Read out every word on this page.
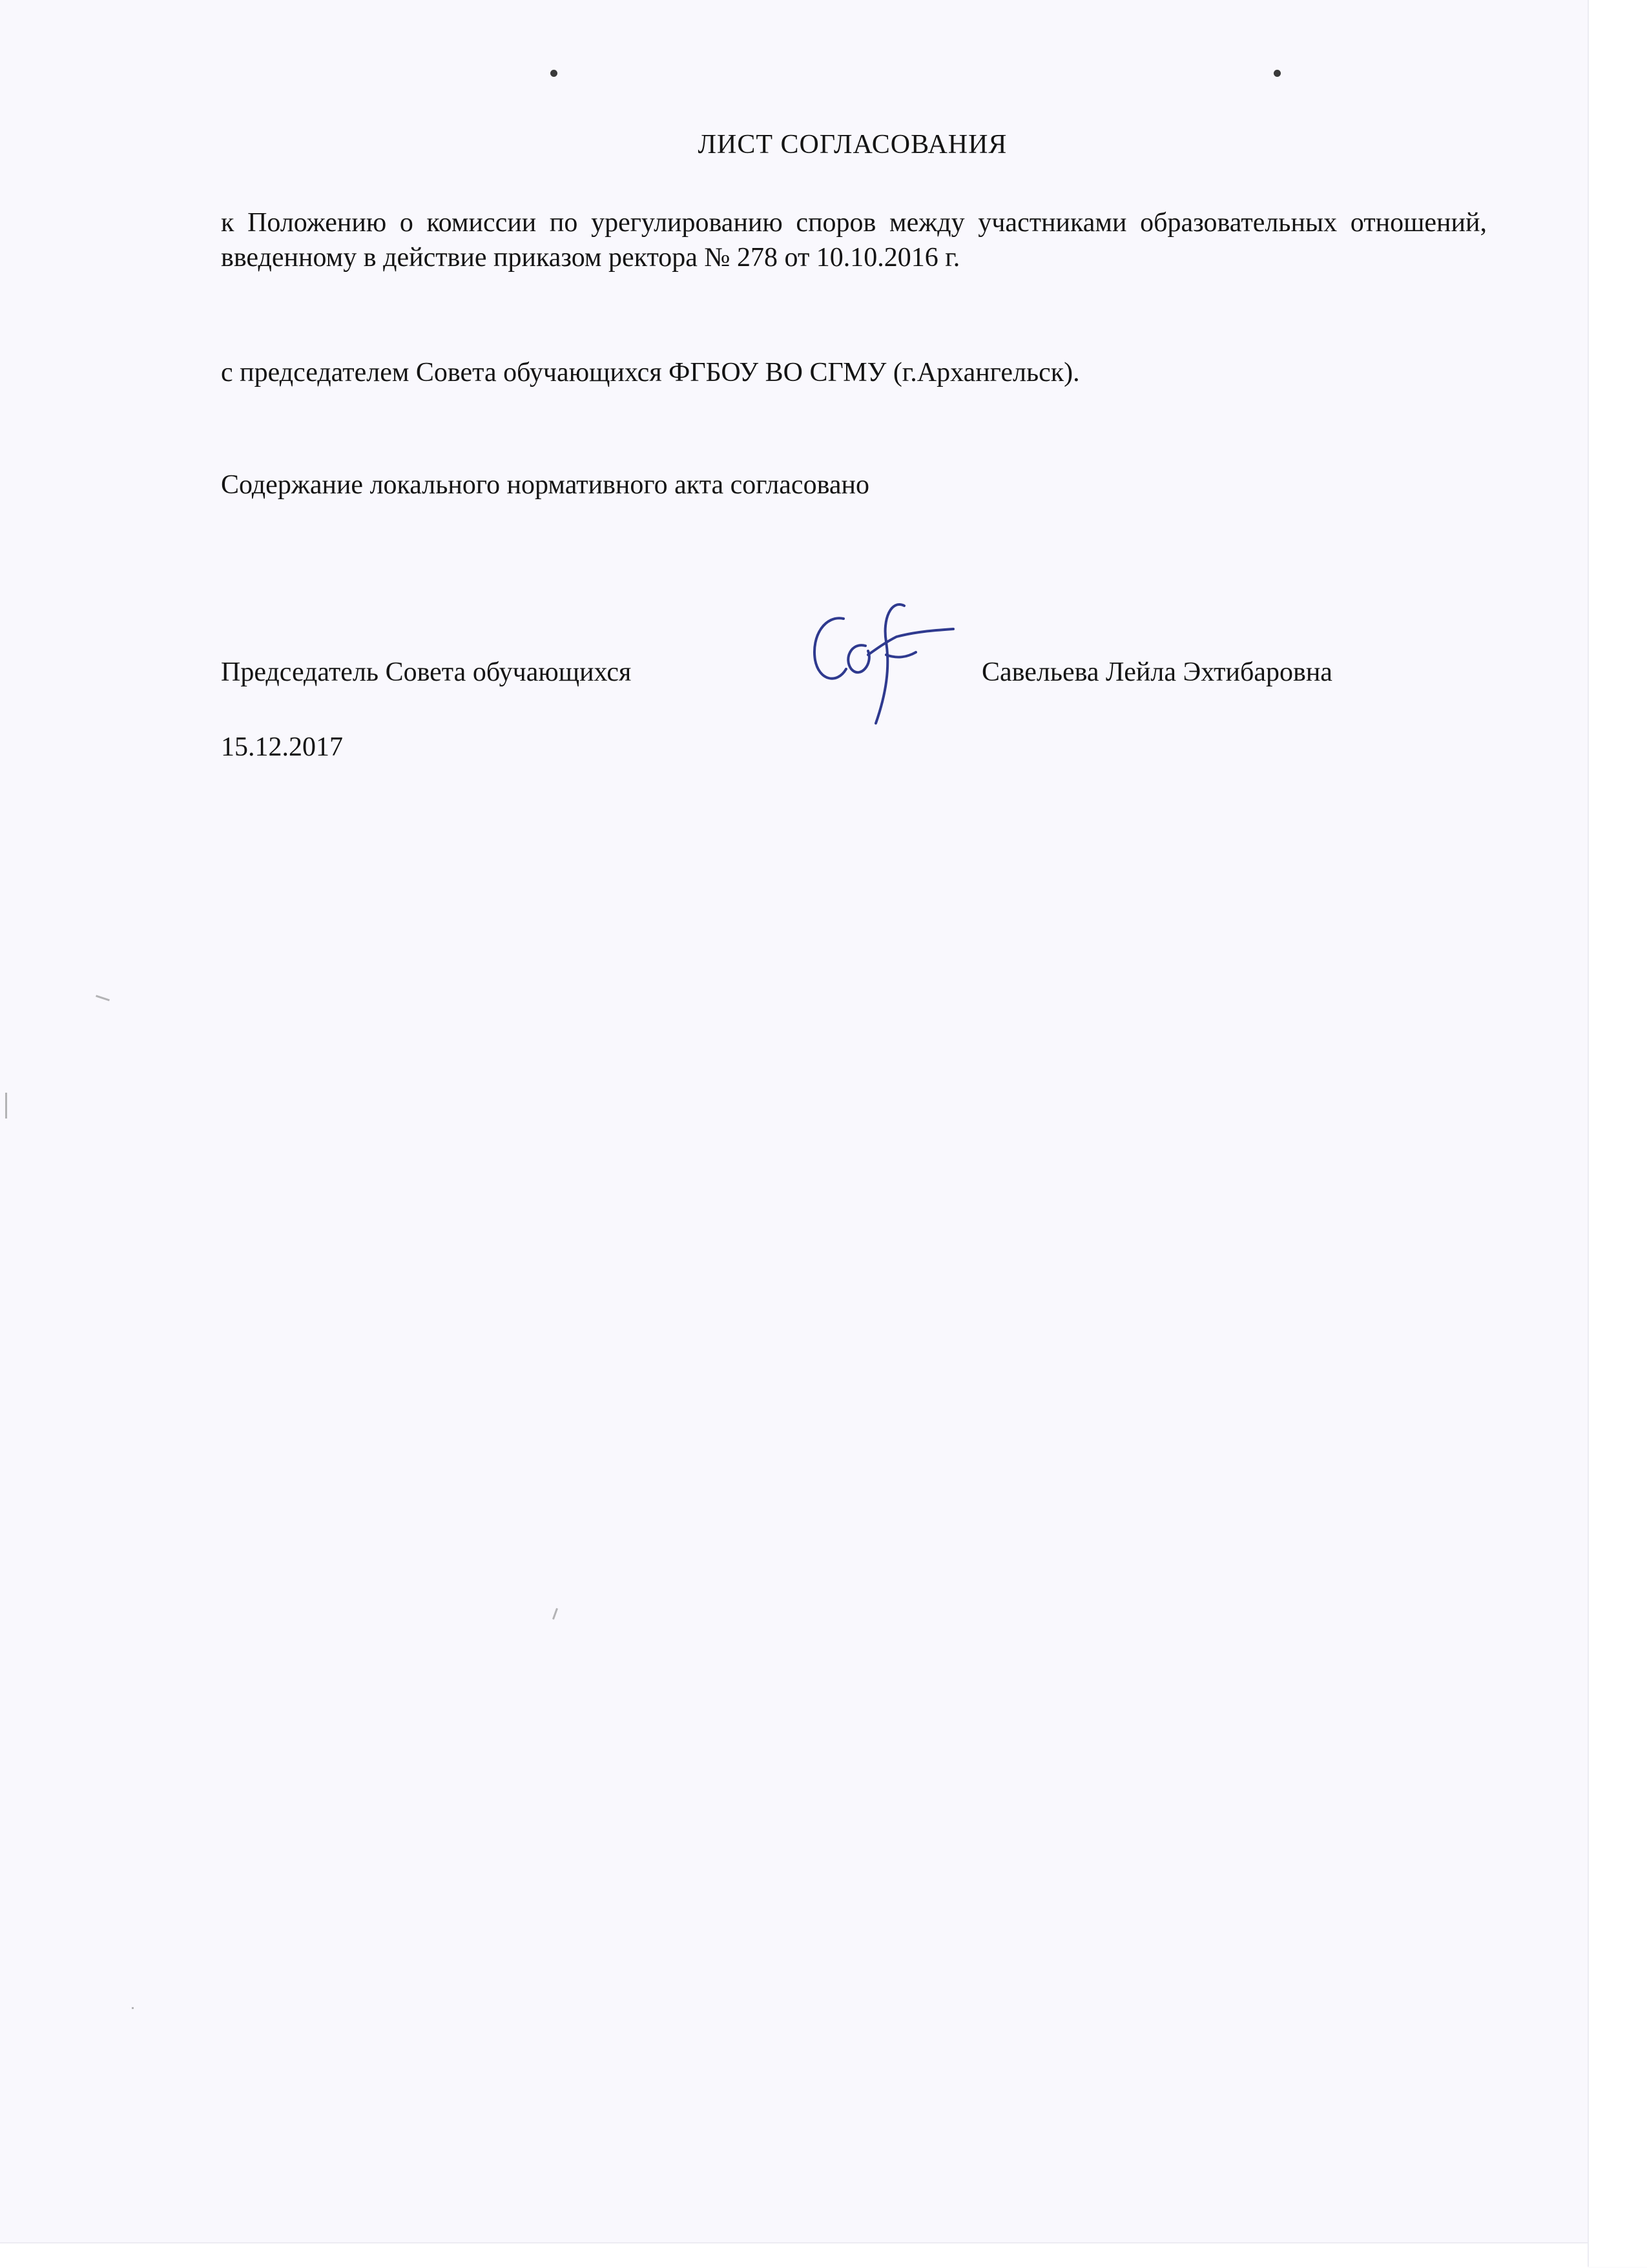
ЛИСТ СОГЛАСОВАНИЯ
к Положению о комиссии по урегулированию споров между участниками образовательных отношений, введенному в действие приказом ректора № 278 от 10.10.2016 г.
с председателем Совета обучающихся ФГБОУ ВО СГМУ (г.Архангельск).
Содержание локального нормативного акта согласовано
Председатель Совета обучающихся	Савельева Лейла Эхтибаровна
15.12.2017
